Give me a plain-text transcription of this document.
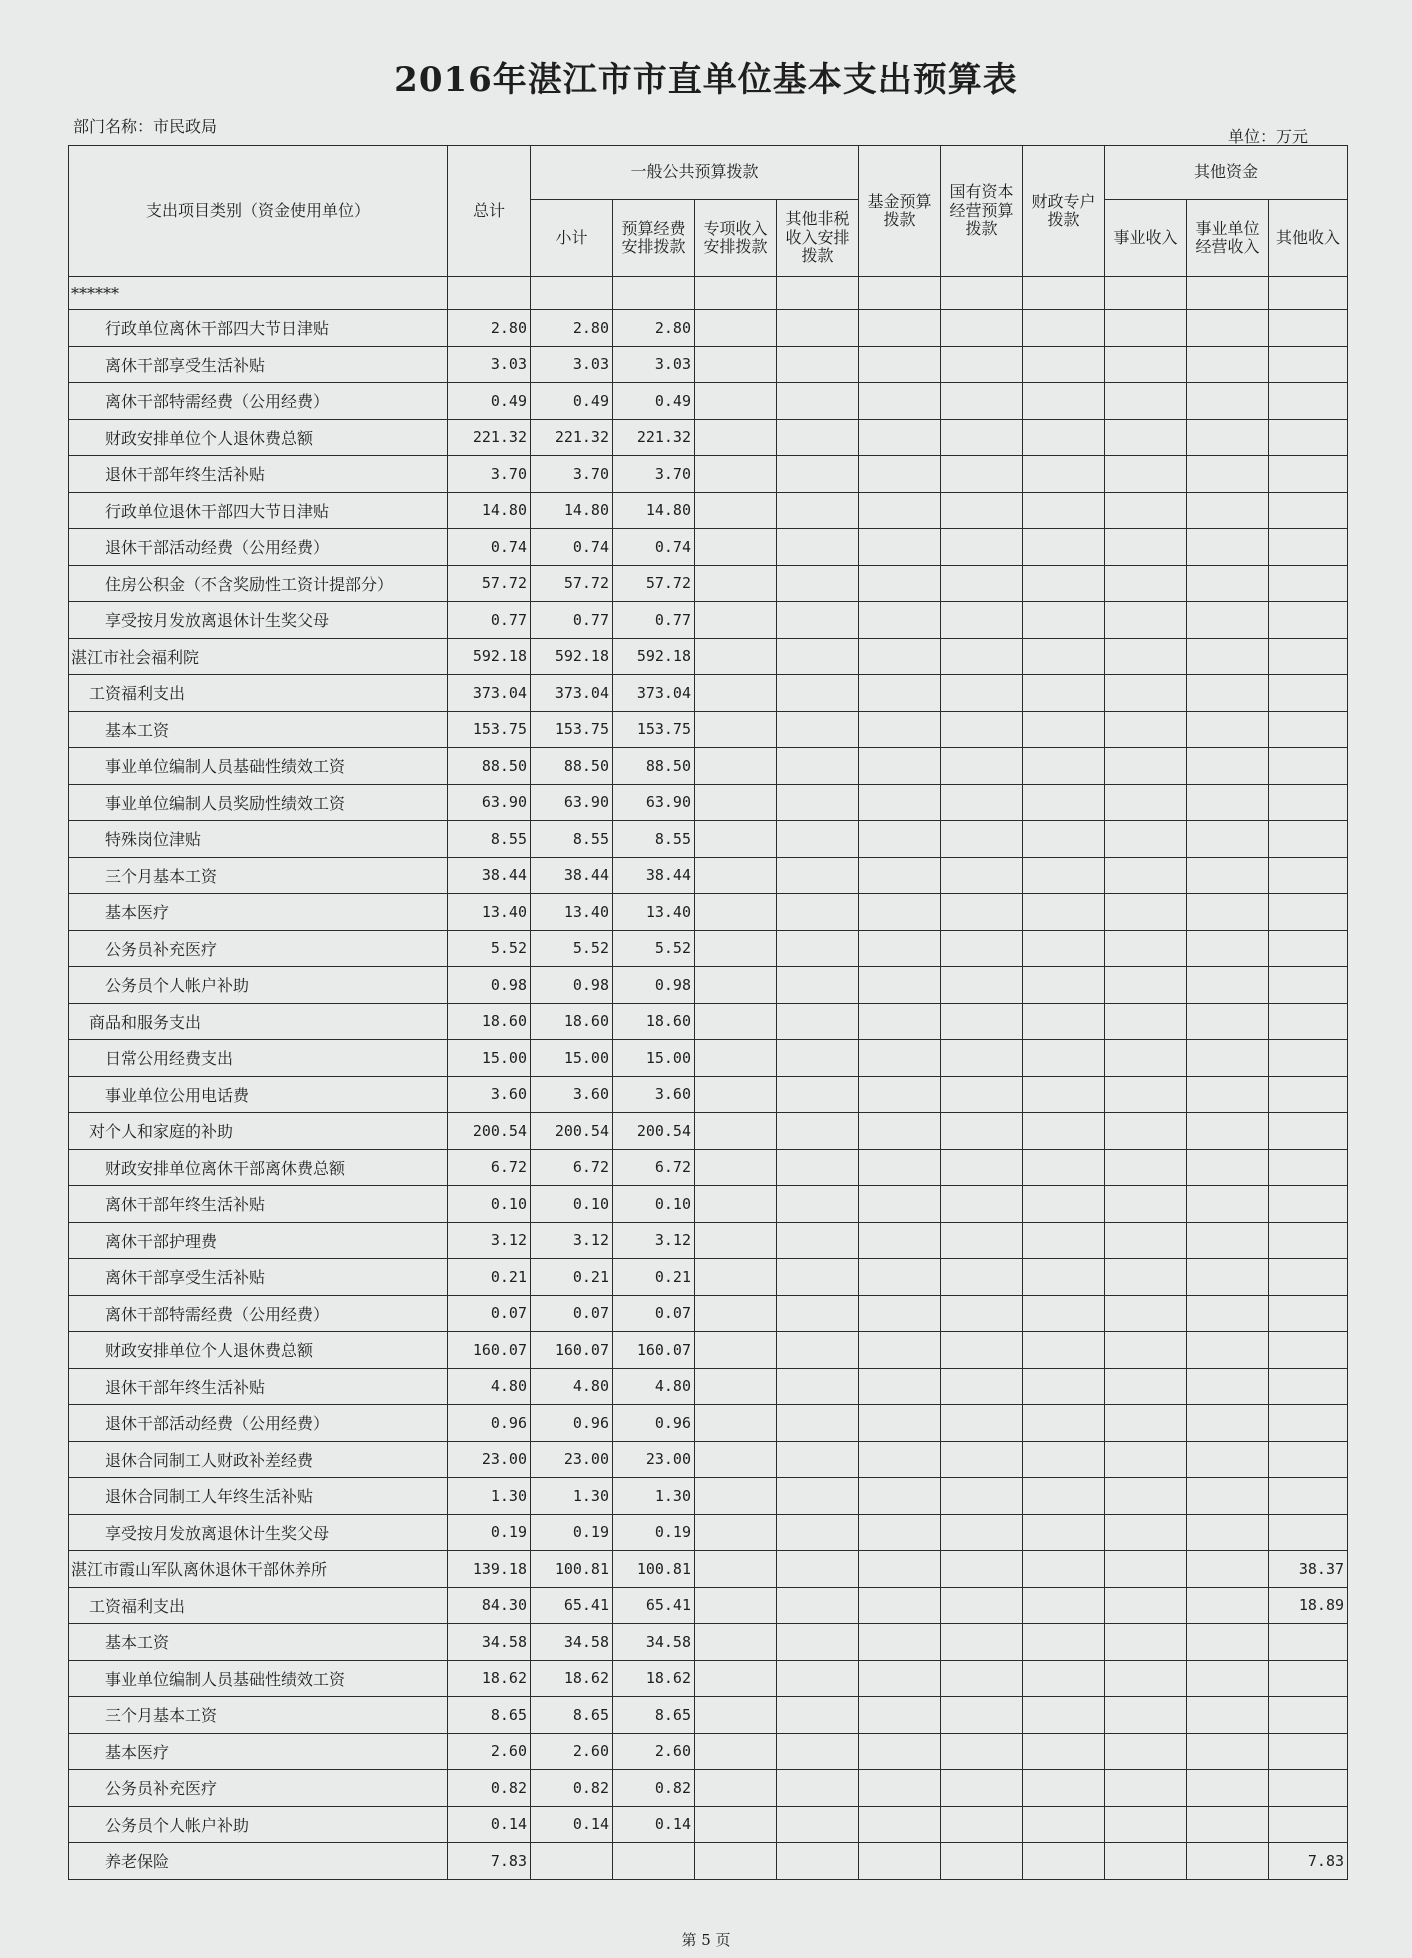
2016年湛江市市直单位基本支出预算表
部门名称：市民政局
单位：万元
支出项目类别（资金使用单位）	总计	一般公共预算拨款				基金预算拨款	国有资本经营预算拨款	财政专户拨款	其他资金		
		小计	预算经费安排拨款	专项收入安排拨款	其他非税收入安排拨款				事业收入	事业单位经营收入	其他收入
******											
行政单位离休干部四大节日津贴	2.80	2.80	2.80								
离休干部享受生活补贴	3.03	3.03	3.03								
离休干部特需经费（公用经费）	0.49	0.49	0.49								
财政安排单位个人退休费总额	221.32	221.32	221.32								
退休干部年终生活补贴	3.70	3.70	3.70								
行政单位退休干部四大节日津贴	14.80	14.80	14.80								
退休干部活动经费（公用经费）	0.74	0.74	0.74								
住房公积金（不含奖励性工资计提部分）	57.72	57.72	57.72								
享受按月发放离退休计生奖父母	0.77	0.77	0.77								
湛江市社会福利院	592.18	592.18	592.18								
工资福利支出	373.04	373.04	373.04								
基本工资	153.75	153.75	153.75								
事业单位编制人员基础性绩效工资	88.50	88.50	88.50								
事业单位编制人员奖励性绩效工资	63.90	63.90	63.90								
特殊岗位津贴	8.55	8.55	8.55								
三个月基本工资	38.44	38.44	38.44								
基本医疗	13.40	13.40	13.40								
公务员补充医疗	5.52	5.52	5.52								
公务员个人帐户补助	0.98	0.98	0.98								
商品和服务支出	18.60	18.60	18.60								
日常公用经费支出	15.00	15.00	15.00								
事业单位公用电话费	3.60	3.60	3.60								
对个人和家庭的补助	200.54	200.54	200.54								
财政安排单位离休干部离休费总额	6.72	6.72	6.72								
离休干部年终生活补贴	0.10	0.10	0.10								
离休干部护理费	3.12	3.12	3.12								
离休干部享受生活补贴	0.21	0.21	0.21								
离休干部特需经费（公用经费）	0.07	0.07	0.07								
财政安排单位个人退休费总额	160.07	160.07	160.07								
退休干部年终生活补贴	4.80	4.80	4.80								
退休干部活动经费（公用经费）	0.96	0.96	0.96								
退休合同制工人财政补差经费	23.00	23.00	23.00								
退休合同制工人年终生活补贴	1.30	1.30	1.30								
享受按月发放离退休计生奖父母	0.19	0.19	0.19								
湛江市霞山军队离休退休干部休养所	139.18	100.81	100.81								38.37
工资福利支出	84.30	65.41	65.41								18.89
基本工资	34.58	34.58	34.58								
事业单位编制人员基础性绩效工资	18.62	18.62	18.62								
三个月基本工资	8.65	8.65	8.65								
基本医疗	2.60	2.60	2.60								
公务员补充医疗	0.82	0.82	0.82								
公务员个人帐户补助	0.14	0.14	0.14								
养老保险	7.83										7.83
第 5 页
